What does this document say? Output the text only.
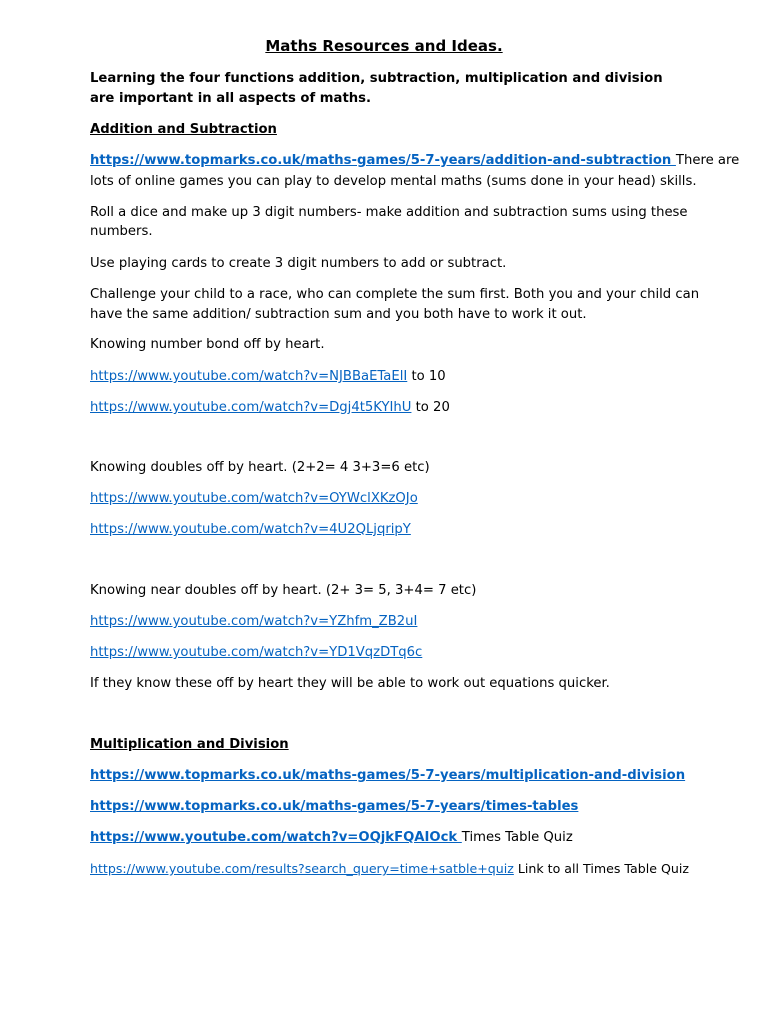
Maths Resources and Ideas.

Learning the four functions addition, subtraction, multiplication and division are important in all aspects of maths.

Addition and Subtraction

https://www.topmarks.co.uk/maths-games/5-7-years/addition-and-subtraction There are

lots of online games you can play to develop mental maths (sums done in your head) skills.

Roll a dice and make up 3 digit numbers- make addition and subtraction sums using these

numbers.

Use playing cards to create 3 digit numbers to add or subtract.

Challenge your child to a race, who can complete the sum first. Both you and your child can

have the same addition/ subtraction sum and you both have to work it out.

Knowing number bond off by heart.

https://www.youtube.com/watch?v=NJBBaETaElI to 10

https://www.youtube.com/watch?v=Dgj4t5KYIhU to 20

Knowing doubles off by heart. (2+2= 4 3+3=6 etc)

https://www.youtube.com/watch?v=OYWclXKzOJo

https://www.youtube.com/watch?v=4U2QLjqripY

Knowing near doubles off by heart. (2+ 3= 5, 3+4= 7 etc)

https://www.youtube.com/watch?v=YZhfm_ZB2uI

https://www.youtube.com/watch?v=YD1VqzDTq6c

If they know these off by heart they will be able to work out equations quicker.

Multiplication and Division

https://www.topmarks.co.uk/maths-games/5-7-years/multiplication-and-division

https://www.topmarks.co.uk/maths-games/5-7-years/times-tables

https://www.youtube.com/watch?v=OQjkFQAIOck Times Table Quiz

https://www.youtube.com/results?search_query=time+satble+quiz Link to all Times Table Quiz
